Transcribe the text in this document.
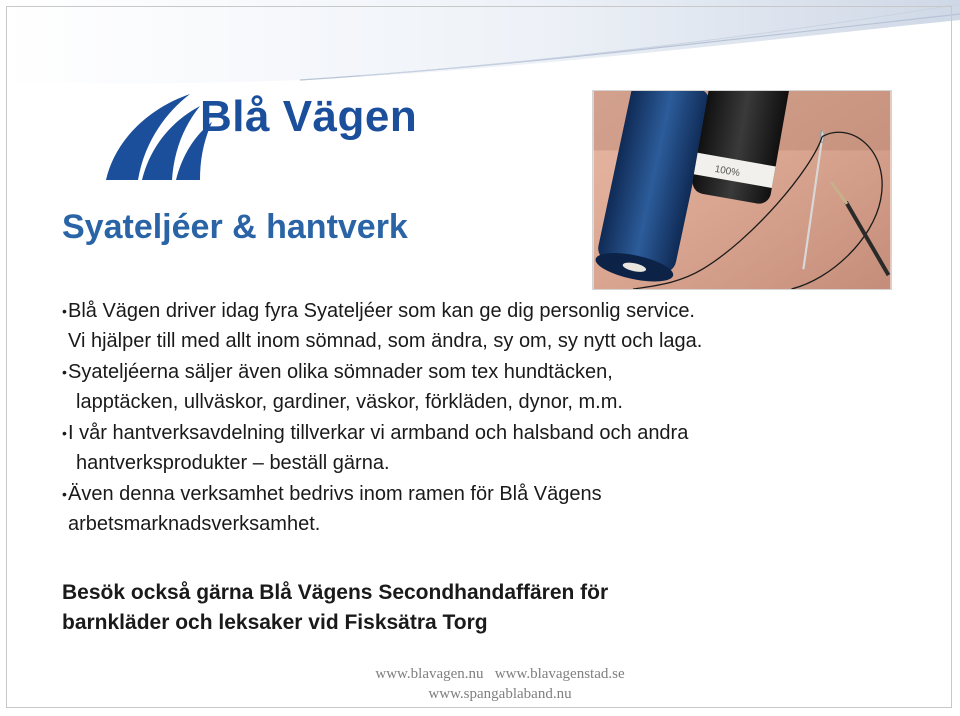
Blå Vägen
100%
Syateljéer & hantverk
• Blå Vägen driver idag fyra Syateljéer som kan ge dig personlig service.
Vi hjälper till med allt inom sömnad, som ändra, sy om, sy nytt och laga.
• Syateljéerna säljer även olika sömnader som tex hundtäcken,
lapptäcken, ullväskor, gardiner, väskor, förkläden, dynor, m.m.
• I vår hantverksavdelning tillverkar vi armband och halsband och andra
hantverksprodukter – beställ gärna.
• Även denna verksamhet bedrivs inom ramen för Blå Vägens
arbetsmarknadsverksamhet.
Besök också gärna Blå Vägens Secondhandaffären för
barnkläder och leksaker vid Fisksätra Torg
www.blavagen.nu www.blavagenstad.se
www.spangablaband.nu
